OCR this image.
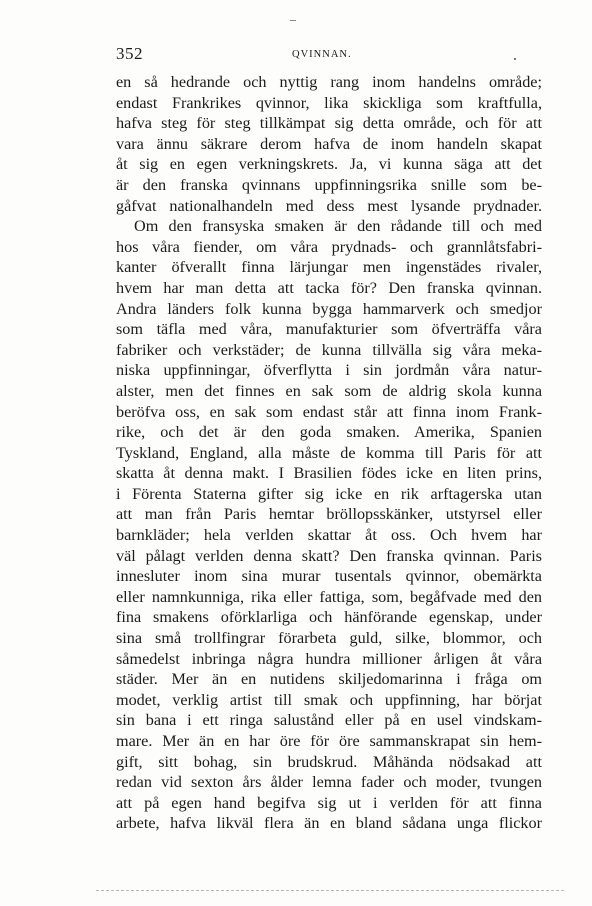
352	QVINNAN.
en så hedrande och nyttig rang inom handelns område;
endast Frankrikes qvinnor, lika skickliga som kraftfulla,
hafva steg för steg tillkämpat sig detta område, och för att
vara ännu säkrare derom hafva de inom handeln skapat
åt sig en egen verkningskrets. Ja, vi kunna säga att det
är den franska qvinnans uppfinningsrika snille som be-
gåfvat nationalhandeln med dess mest lysande prydnader.
Om den fransyska smaken är den rådande till och med
hos våra fiender, om våra prydnads- och grannlåtsfabri-
kanter öfverallt finna lärjungar men ingenstädes rivaler,
hvem har man detta att tacka för? Den franska qvinnan.
Andra länders folk kunna bygga hammarverk och smedjor
som täfla med våra, manufakturier som öfverträffa våra
fabriker och verkstäder; de kunna tillvälla sig våra meka-
niska uppfinningar, öfverflytta i sin jordmån våra natur-
alster, men det finnes en sak som de aldrig skola kunna
beröfva oss, en sak som endast står att finna inom Frank-
rike, och det är den goda smaken. Amerika, Spanien
Tyskland, England, alla måste de komma till Paris för att
skatta åt denna makt. I Brasilien födes icke en liten prins,
i Förenta Staterna gifter sig icke en rik arftagerska utan
att man från Paris hemtar bröllopsskänker, utstyrsel eller
barnkläder; hela verlden skattar åt oss. Och hvem har
väl pålagt verlden denna skatt? Den franska qvinnan. Paris
innesluter inom sina murar tusentals qvinnor, obemärkta
eller namnkunniga, rika eller fattiga, som, begåfvade med den
fina smakens oförklarliga och hänförande egenskap, under
sina små trollfingrar förarbeta guld, silke, blommor, och
såmedelst inbringa några hundra millioner årligen åt våra
städer. Mer än en nutidens skiljedomarinna i fråga om
modet, verklig artist till smak och uppfinning, har börjat
sin bana i ett ringa salustånd eller på en usel vindskam-
mare. Mer än en har öre för öre sammanskrapat sin hem-
gift, sitt bohag, sin brudskrud. Måhända nödsakad att
redan vid sexton års ålder lemna fader och moder, tvungen
att på egen hand begifva sig ut i verlden för att finna
arbete, hafva likväl flera än en bland sådana unga flickor
